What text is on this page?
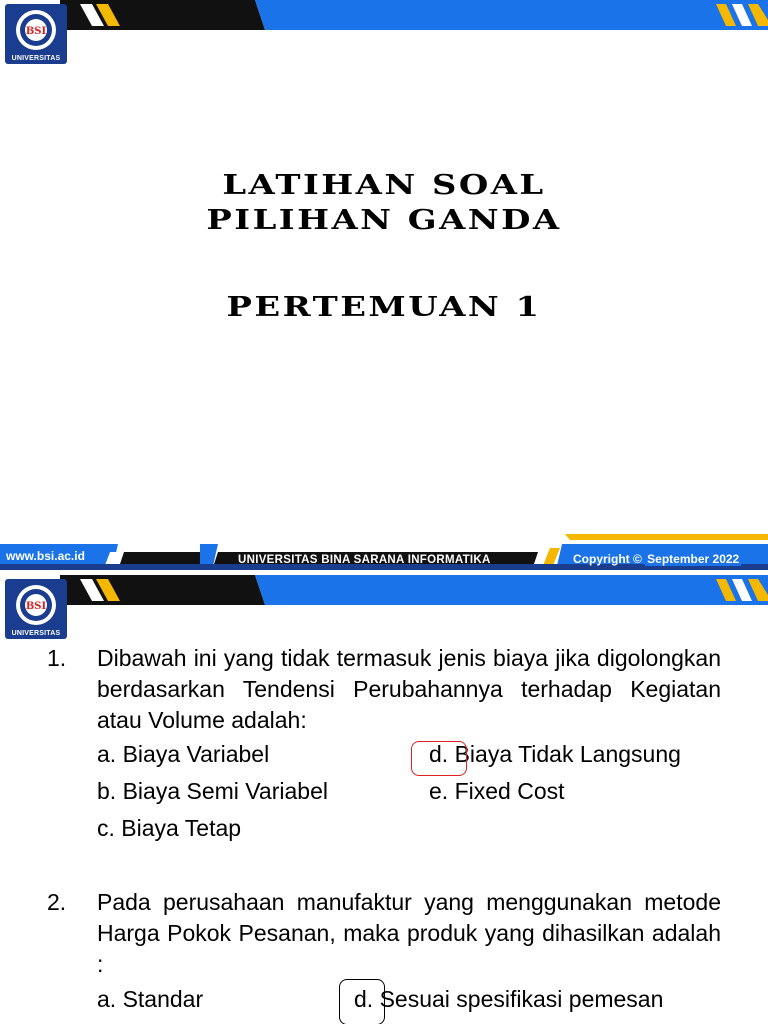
BSI
UNIVERSITAS
LATIHAN SOAL
PILIHAN GANDA
PERTEMUAN 1
www.bsi.ac.id	UNIVERSITAS BINA SARANA INFORMATIKA	Copyright © September 2022
BSI
UNIVERSITAS
1. Dibawah ini yang tidak termasuk jenis biaya jika digolongkan berdasarkan Tendensi Perubahannya terhadap Kegiatan atau Volume adalah:
a. Biaya Variabel	d. Biaya Tidak Langsung
b. Biaya Semi Variabel	e. Fixed Cost
c. Biaya Tetap
2. Pada perusahaan manufaktur yang menggunakan metode Harga Pokok Pesanan, maka produk yang dihasilkan adalah :
a. Standar	d. Sesuai spesifikasi pemesan
